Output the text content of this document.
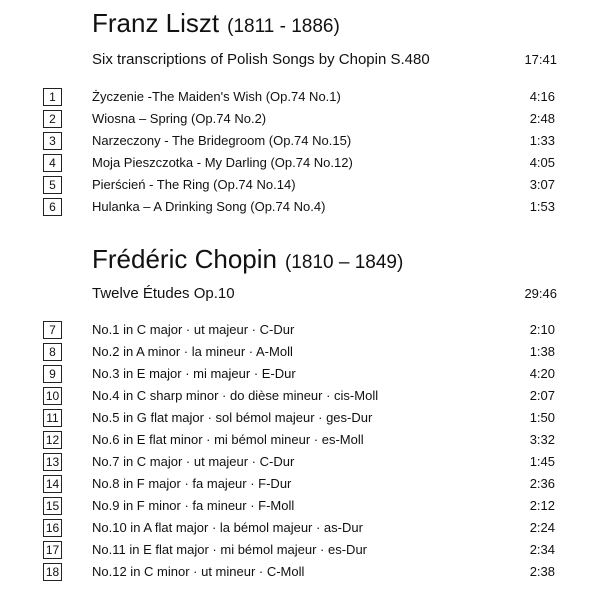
Franz Liszt (1811 - 1886)
Six transcriptions of Polish Songs by Chopin S.480	17:41
Frédéric Chopin (1810 – 1849)
Twelve Études Op.10	29:46
1	Życzenie -The Maiden's Wish (Op.74 No.1)	4:16
2	Wiosna – Spring (Op.74 No.2)	2:48
3	Narzeczony - The Bridegroom (Op.74 No.15)	1:33
4	Moja Pieszczotka - My Darling (Op.74 No.12)	4:05
5	Pierścień - The Ring (Op.74 No.14)	3:07
6	Hulanka – A Drinking Song (Op.74 No.4)	1:53
7	No.1 in C major · ut majeur · C-Dur	2:10
8	No.2 in A minor · la mineur · A-Moll	1:38
9	No.3 in E major · mi majeur · E-Dur	4:20
10	No.4 in C sharp minor · do dièse mineur · cis-Moll	2:07
11	No.5 in G flat major · sol bémol majeur · ges-Dur	1:50
12	No.6 in E flat minor · mi bémol mineur · es-Moll	3:32
13	No.7 in C major · ut majeur · C-Dur	1:45
14	No.8 in F major · fa majeur · F-Dur	2:36
15	No.9 in F minor · fa mineur · F-Moll	2:12
16	No.10 in A flat major · la bémol majeur · as-Dur	2:24
17	No.11 in E flat major · mi bémol majeur · es-Dur	2:34
18	No.12 in C minor · ut mineur · C-Moll	2:38
